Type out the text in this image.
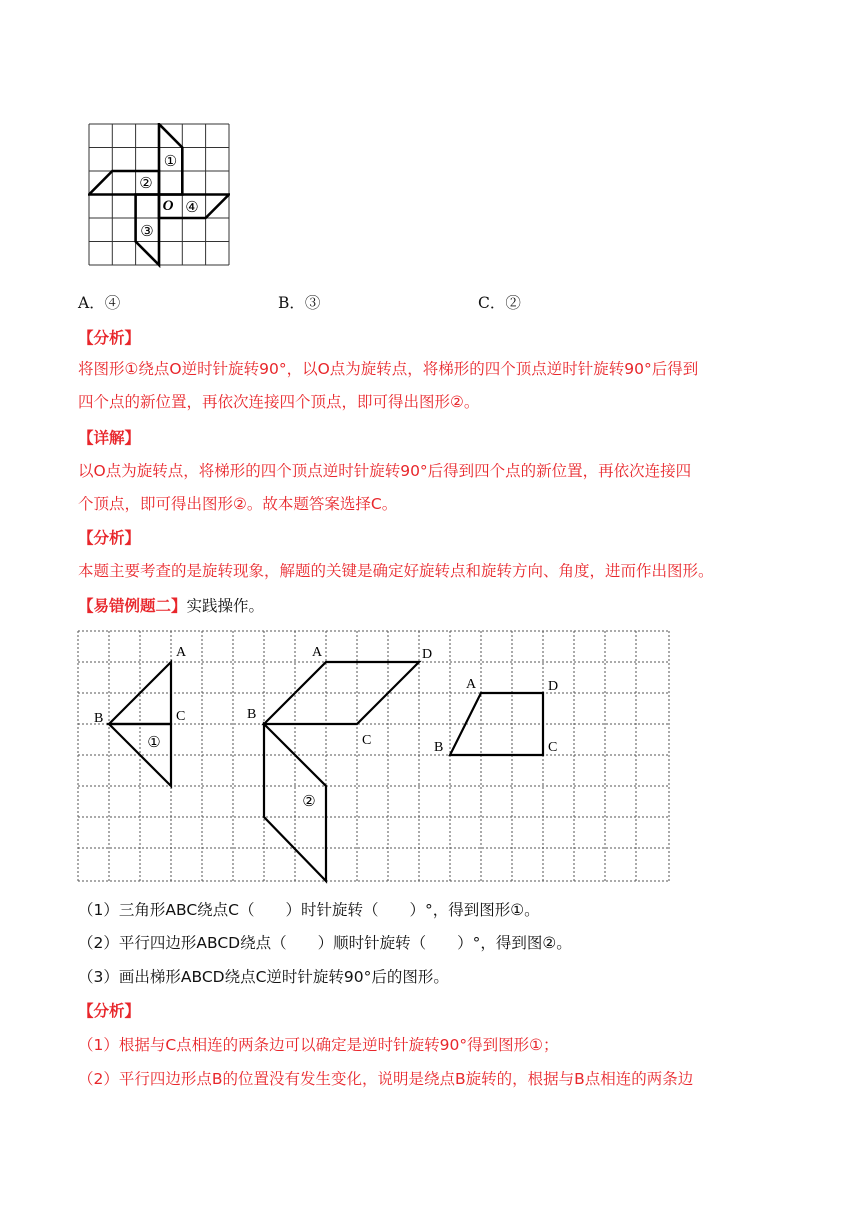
①
②
③
④
O
A．④	B．③	C．②
【分析】
将图形①绕点O逆时针旋转90°，以O点为旋转点，将梯形的四个顶点逆时针旋转90°后得到
四个点的新位置，再依次连接四个顶点，即可得出图形②。
【详解】
以O点为旋转点，将梯形的四个顶点逆时针旋转90°后得到四个点的新位置，再依次连接四
个顶点，即可得出图形②。故本题答案选择C。
【分析】
本题主要考查的是旋转现象，解题的关键是确定好旋转点和旋转方向、角度，进而作出图形。
【易错例题二】实践操作。
A
B	C
①
A
B
C
D
②
A
B	C
D
（1）三角形ABC绕点C（　　）时针旋转（　　）°，得到图形①。
（2）平行四边形ABCD绕点（　　）顺时针旋转（　　）°，得到图②。
（3）画出梯形ABCD绕点C逆时针旋转90°后的图形。
【分析】
（1）根据与C点相连的两条边可以确定是逆时针旋转90°得到图形①；
（2）平行四边形点B的位置没有发生变化，说明是绕点B旋转的，根据与B点相连的两条边
